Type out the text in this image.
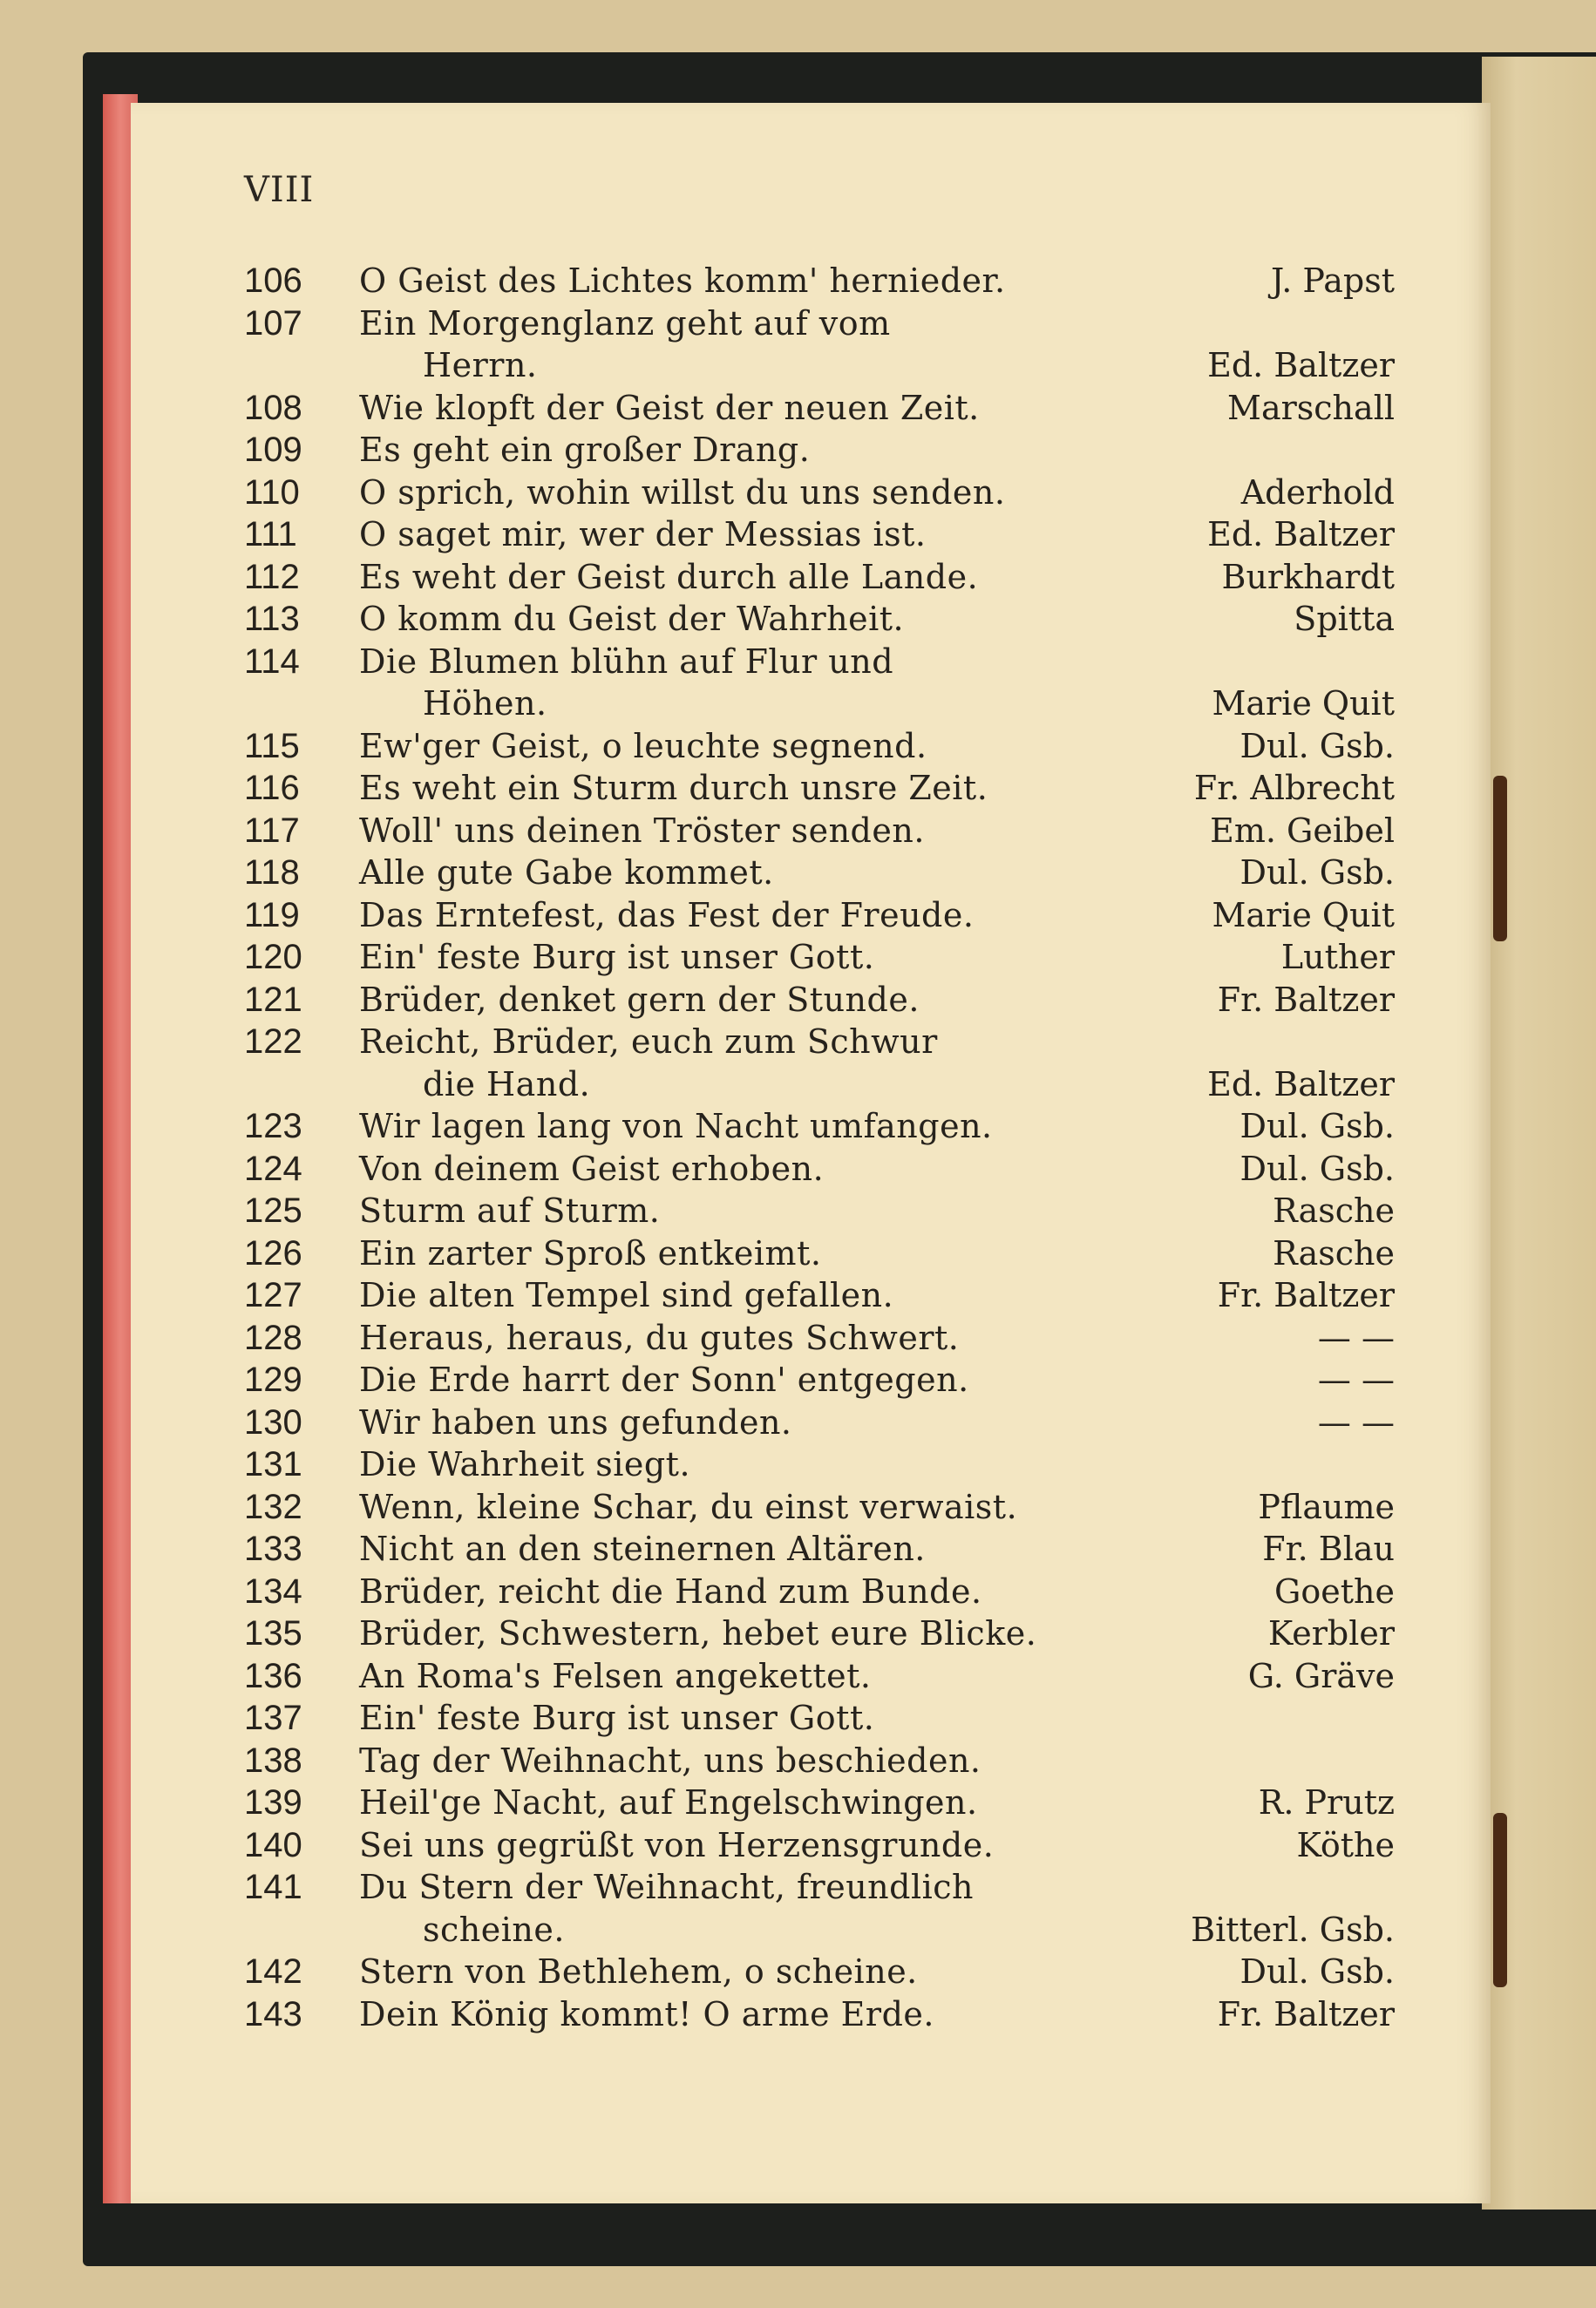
VIII
106	O Geist des Lichtes komm' hernieder.	J. Papst
107	Ein Morgenglanz geht auf vom
Herrn.	Ed. Baltzer
108	Wie klopft der Geist der neuen Zeit.	Marschall
109	Es geht ein großer Drang.
110	O sprich, wohin willst du uns senden.	Aderhold
111	O saget mir, wer der Messias ist.	Ed. Baltzer
112	Es weht der Geist durch alle Lande.	Burkhardt
113	O komm du Geist der Wahrheit.	Spitta
114	Die Blumen blühn auf Flur und
Höhen.	Marie Quit
115	Ew'ger Geist, o leuchte segnend.	Dul. Gsb.
116	Es weht ein Sturm durch unsre Zeit.	Fr. Albrecht
117	Woll' uns deinen Tröster senden.	Em. Geibel
118	Alle gute Gabe kommet.	Dul. Gsb.
119	Das Erntefest, das Fest der Freude.	Marie Quit
120	Ein' feste Burg ist unser Gott.	Luther
121	Brüder, denket gern der Stunde.	Fr. Baltzer
122	Reicht, Brüder, euch zum Schwur
die Hand.	Ed. Baltzer
123	Wir lagen lang von Nacht umfangen.	Dul. Gsb.
124	Von deinem Geist erhoben.	Dul. Gsb.
125	Sturm auf Sturm.	Rasche
126	Ein zarter Sproß entkeimt.	Rasche
127	Die alten Tempel sind gefallen.	Fr. Baltzer
128	Heraus, heraus, du gutes Schwert.	— —
129	Die Erde harrt der Sonn' entgegen.	— —
130	Wir haben uns gefunden.	— —
131	Die Wahrheit siegt.
132	Wenn, kleine Schar, du einst verwaist.	Pflaume
133	Nicht an den steinernen Altären.	Fr. Blau
134	Brüder, reicht die Hand zum Bunde.	Goethe
135	Brüder, Schwestern, hebet eure Blicke.	Kerbler
136	An Roma's Felsen angekettet.	G. Gräve
137	Ein' feste Burg ist unser Gott.
138	Tag der Weihnacht, uns beschieden.
139	Heil'ge Nacht, auf Engelschwingen.	R. Prutz
140	Sei uns gegrüßt von Herzensgrunde.	Köthe
141	Du Stern der Weihnacht, freundlich
scheine.	Bitterl. Gsb.
142	Stern von Bethlehem, o scheine.	Dul. Gsb.
143	Dein König kommt! O arme Erde.	Fr. Baltzer
